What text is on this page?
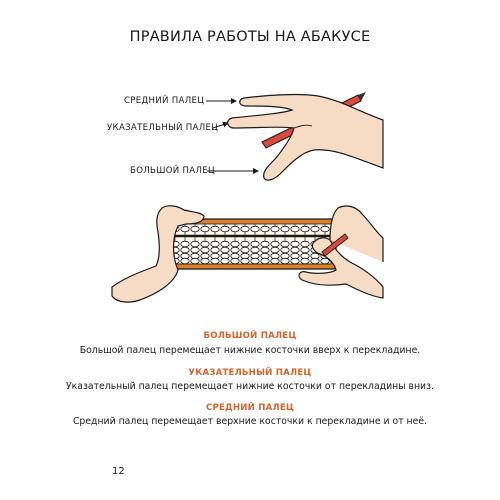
ПРАВИЛА РАБОТЫ НА АБАКУСЕ
СРЕДНИЙ ПАЛЕЦ
УКАЗАТЕЛЬНЫЙ ПАЛЕЦ
БОЛЬШОЙ ПАЛЕЦ
БОЛЬШОЙ ПАЛЕЦ
Большой палец перемещает нижние косточки вверх к перекладине.
УКАЗАТЕЛЬНЫЙ ПАЛЕЦ
Указательный палец перемещает нижние косточки от перекладины вниз.
СРЕДНИЙ ПАЛЕЦ
Средний палец перемещает верхние косточки к перекладине и от неё.
12
